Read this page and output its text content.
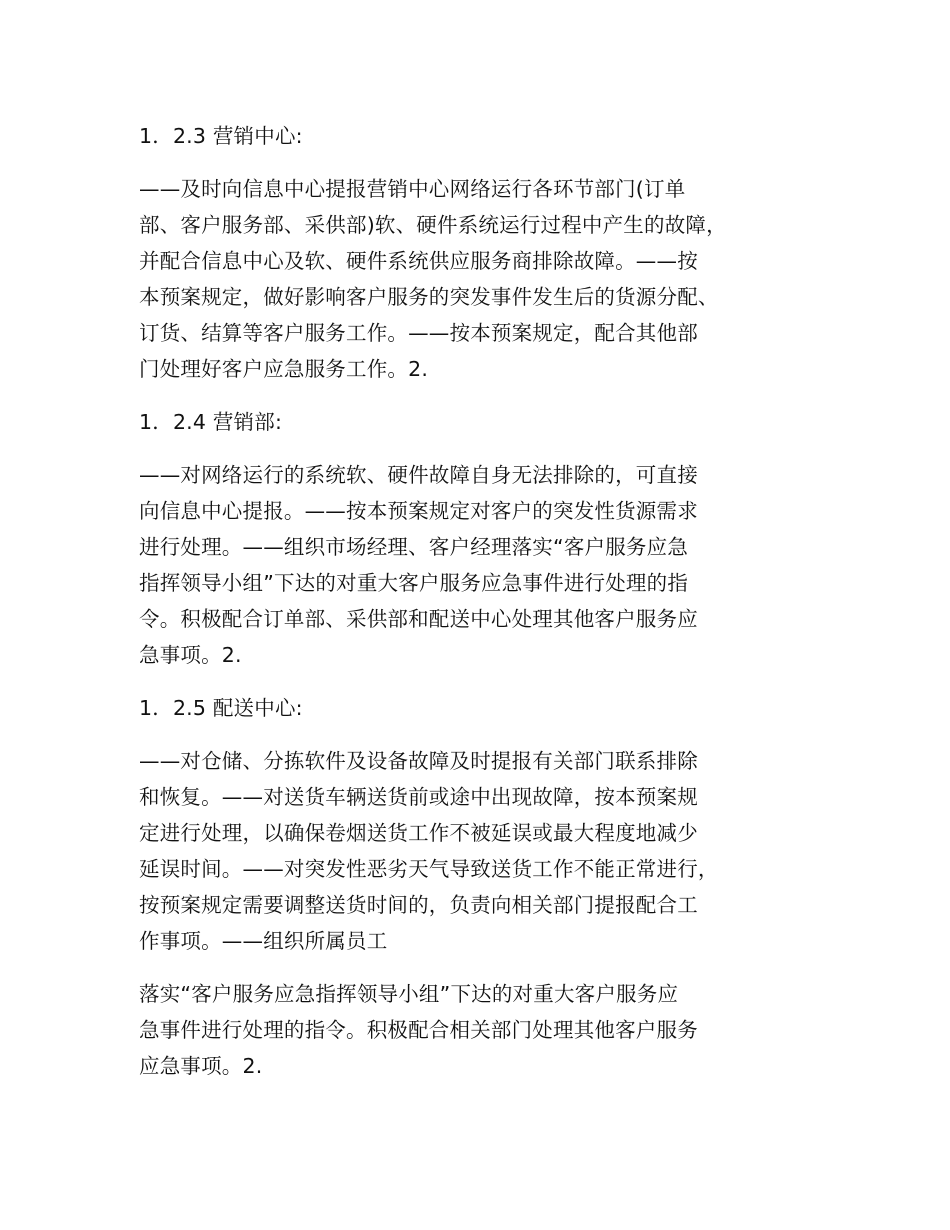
1．2.3 营销中心:
——及时向信息中心提报营销中心网络运行各环节部门(订单
部、客户服务部、采供部)软、硬件系统运行过程中产生的故障，
并配合信息中心及软、硬件系统供应服务商排除故障。——按
本预案规定，做好影响客户服务的突发事件发生后的货源分配、
订货、结算等客户服务工作。——按本预案规定，配合其他部
门处理好客户应急服务工作。2.
1．2.4 营销部:
——对网络运行的系统软、硬件故障自身无法排除的，可直接
向信息中心提报。——按本预案规定对客户的突发性货源需求
进行处理。——组织市场经理、客户经理落实“客户服务应急
指挥领导小组”下达的对重大客户服务应急事件进行处理的指
令。积极配合订单部、采供部和配送中心处理其他客户服务应
急事项。2.
1．2.5 配送中心:
——对仓储、分拣软件及设备故障及时提报有关部门联系排除
和恢复。——对送货车辆送货前或途中出现故障，按本预案规
定进行处理，以确保卷烟送货工作不被延误或最大程度地减少
延误时间。——对突发性恶劣天气导致送货工作不能正常进行，
按预案规定需要调整送货时间的，负责向相关部门提报配合工
作事项。——组织所属员工
落实“客户服务应急指挥领导小组”下达的对重大客户服务应
急事件进行处理的指令。积极配合相关部门处理其他客户服务
应急事项。2.
